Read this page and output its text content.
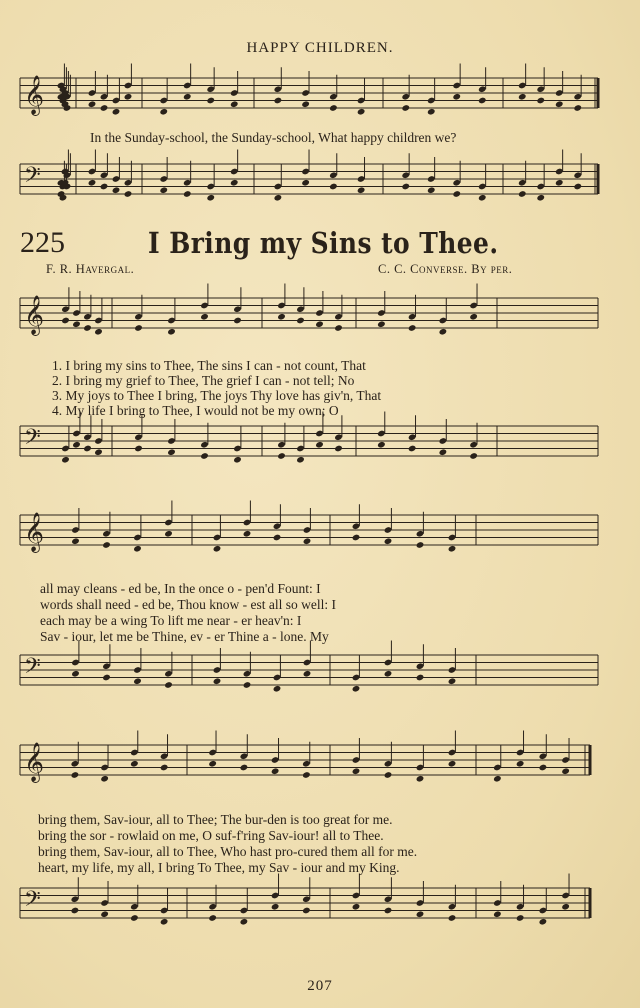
HAPPY CHILDREN.
𝄞
𝄢
𝄞
𝄢
𝄞
𝄢
𝄞
𝄢
In the Sunday-school, the Sunday-school, What happy children we?
225	I Bring my Sins to Thee.
F. R. Havergal.	C. C. Converse. By per.
1. I bring my sins to Thee, The sins I can - not count, That
2. I bring my grief to Thee, The grief I can - not tell; No
3. My joys to Thee I bring, The joys Thy love has giv'n, That
4. My life I bring to Thee, I would not be my own; O
all may cleans - ed be, In the once o - pen'd Fount: I
words shall need - ed be, Thou know - est all so well: I
each may be a wing To lift me near - er heav'n: I
Sav - iour, let me be Thine, ev - er Thine a - lone. My
bring them, Sav-iour, all to Thee; The bur-den is too great for me.
bring the sor - rowlaid on me, O suf-f'ring Sav-iour! all to Thee.
bring them, Sav-iour, all to Thee, Who hast pro-cured them all for me.
heart, my life, my all, I bring To Thee, my Sav - iour and my King.
207
